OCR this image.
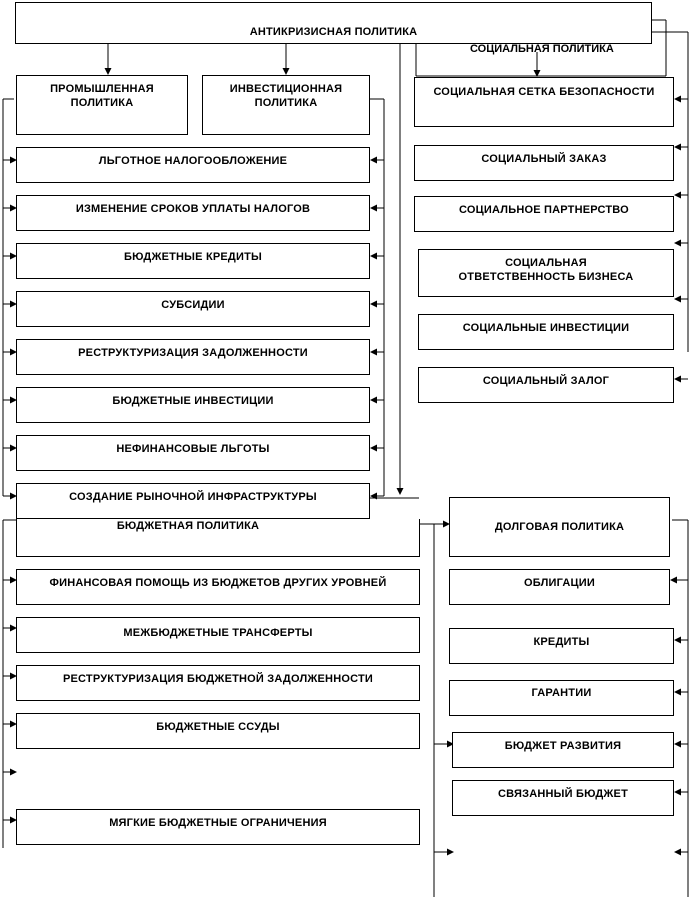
АНТИКРИЗИСНАЯ ПОЛИТИКА
ПРОМЫШЛЕННАЯ ПОЛИТИКА
ИНВЕСТИЦИОННАЯ ПОЛИТИКА
СОЦИАЛЬНАЯ ПОЛИТИКА
СОЦИАЛЬНАЯ СЕТКА БЕЗОПАСНОСТИ
СОЦИАЛЬНЫЙ ЗАКАЗ
СОЦИАЛЬНОЕ ПАРТНЕРСТВО
СОЦИАЛЬНАЯ ОТВЕТСТВЕННОСТЬ БИЗНЕСА
СОЦИАЛЬНЫЕ ИНВЕСТИЦИИ
СОЦИАЛЬНЫЙ ЗАЛОГ
ЛЬГОТНОЕ НАЛОГООБЛОЖЕНИЕ
ИЗМЕНЕНИЕ СРОКОВ УПЛАТЫ НАЛОГОВ
БЮДЖЕТНЫЕ КРЕДИТЫ
СУБСИДИИ
РЕСТРУКТУРИЗАЦИЯ ЗАДОЛЖЕННОСТИ
БЮДЖЕТНЫЕ ИНВЕСТИЦИИ
НЕФИНАНСОВЫЕ ЛЬГОТЫ
СОЗДАНИЕ РЫНОЧНОЙ ИНФРАСТРУКТУРЫ
БЮДЖЕТНАЯ ПОЛИТИКА
ФИНАНСОВАЯ ПОМОЩЬ ИЗ БЮДЖЕТОВ ДРУГИХ УРОВНЕЙ
МЕЖБЮДЖЕТНЫЕ ТРАНСФЕРТЫ
РЕСТРУКТУРИЗАЦИЯ БЮДЖЕТНОЙ ЗАДОЛЖЕННОСТИ
БЮДЖЕТНЫЕ ССУДЫ
МЯГКИЕ БЮДЖЕТНЫЕ ОГРАНИЧЕНИЯ
ДОЛГОВАЯ ПОЛИТИКА
ОБЛИГАЦИИ
КРЕДИТЫ
ГАРАНТИИ
БЮДЖЕТ РАЗВИТИЯ
СВЯЗАННЫЙ БЮДЖЕТ
